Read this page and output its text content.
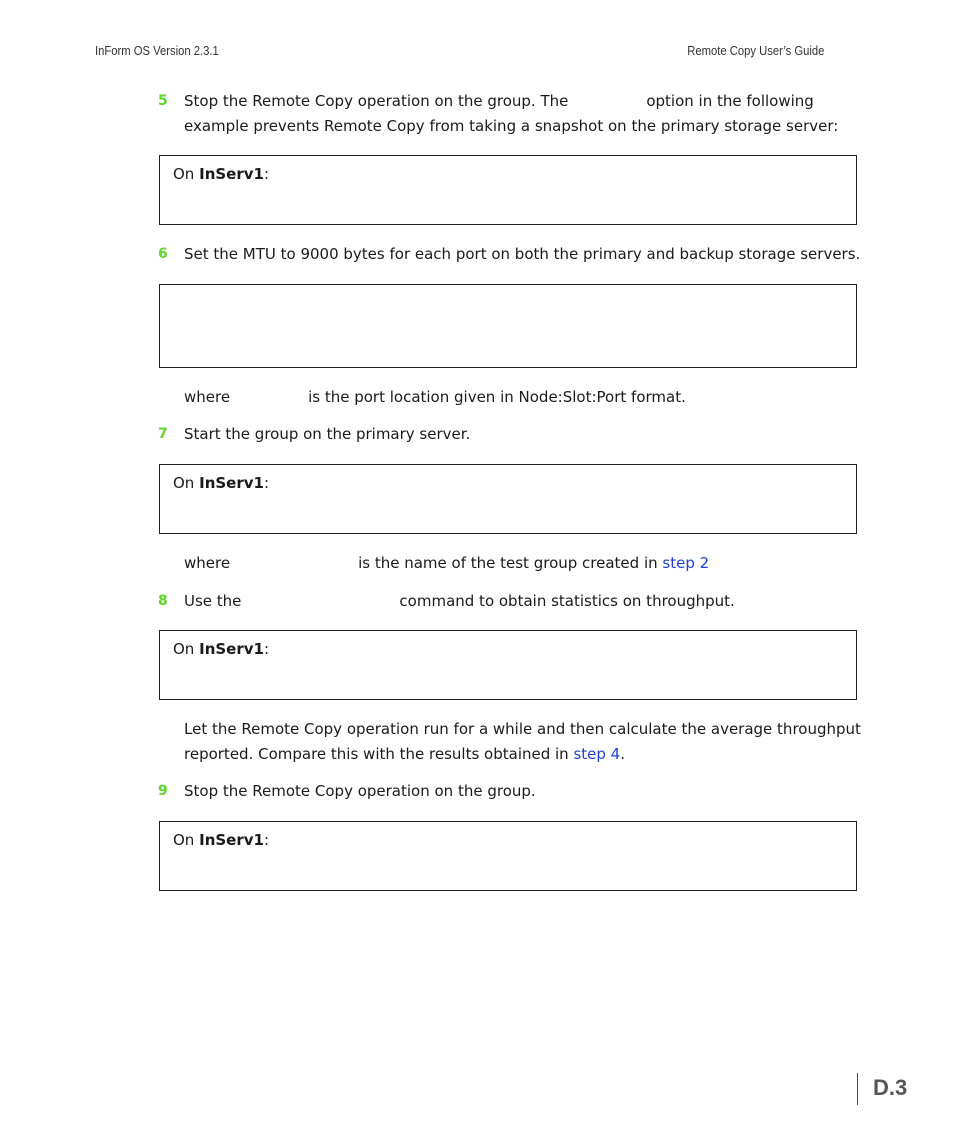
InForm OS Version 2.3.1	Remote Copy User’s Guide
5 Stop the Remote Copy operation on the group. The	option in the following
example prevents Remote Copy from taking a snapshot on the primary storage server:
On InServ1:
6 Set the MTU to 9000 bytes for each port on both the primary and backup storage servers.
where	is the port location given in Node:Slot:Port format.
7 Start the group on the primary server.
On InServ1:
where	is the name of the test group created in step 2
8 Use the	command to obtain statistics on throughput.
On InServ1:
Let the Remote Copy operation run for a while and then calculate the average throughput
reported. Compare this with the results obtained in step 4.
9 Stop the Remote Copy operation on the group.
On InServ1:
D.3
